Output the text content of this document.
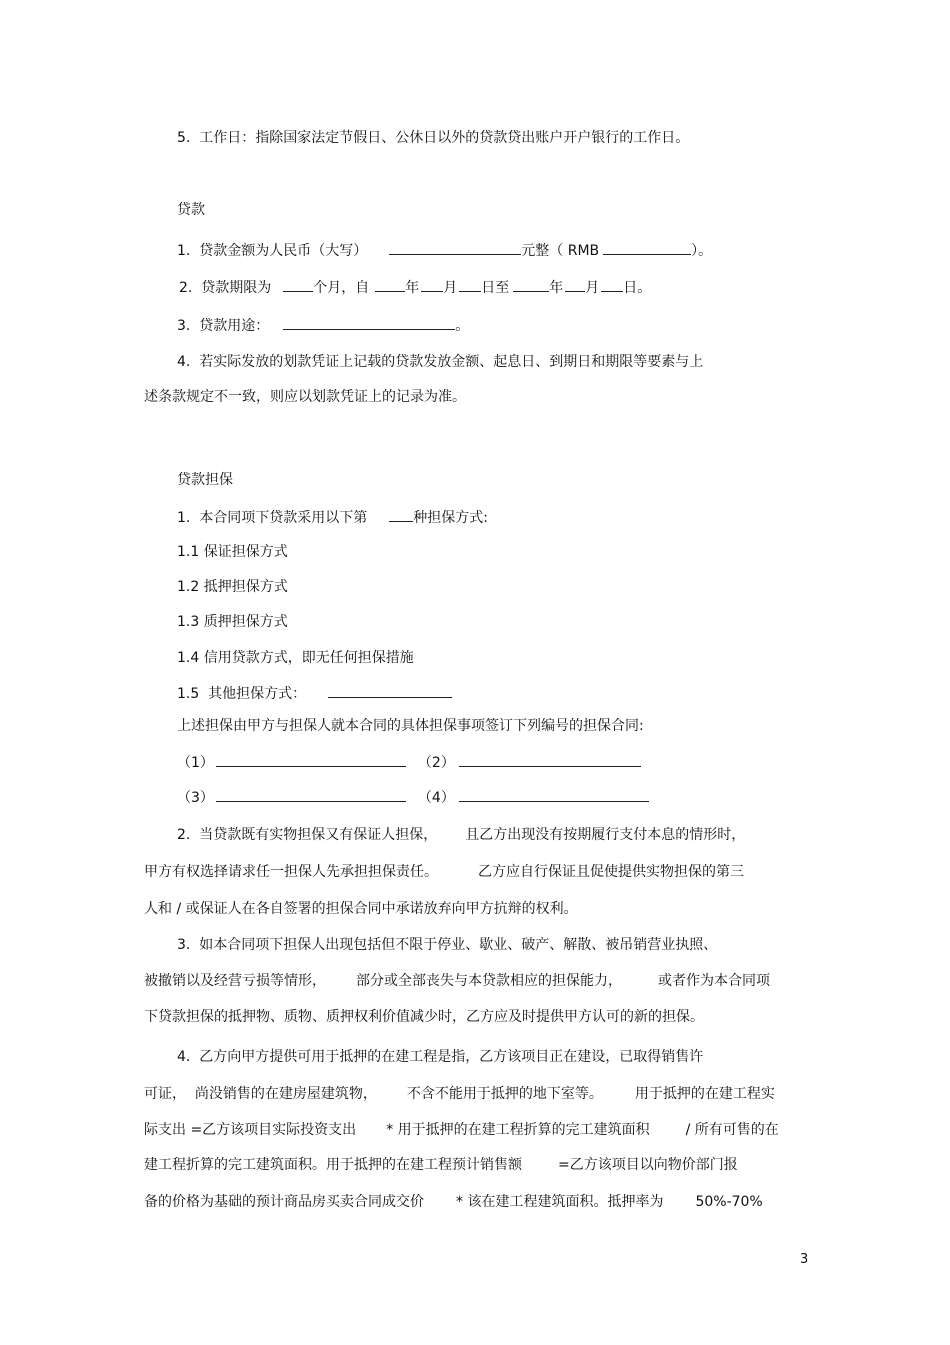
5.  工作日：指除国家法定节假日、公休日以外的贷款贷出账户开户银行的工作日。
贷款
1.  贷款金额为人民币（大写）	元整（ RMB	）。
2.  贷款期限为	个月，自	年 月 日至	年 月 日。
3.  贷款用途：	。
4.  若实际发放的划款凭证上记载的贷款发放金额、起息日、到期日和期限等要素与上
述条款规定不一致，则应以划款凭证上的记录为准。
贷款担保
1.  本合同项下贷款采用以下第	种担保方式:
1.1 保证担保方式
1.2 抵押担保方式
1.3 质押担保方式
1.4 信用贷款方式，即无任何担保措施
1.5  其他担保方式：
上述担保由甲方与担保人就本合同的具体担保事项签订下列编号的担保合同:
（1）	（2）
（3）	（4）
2.  当贷款既有实物担保又有保证人担保， 且乙方出现没有按期履行支付本息的情形时，
甲方有权选择请求任一担保人先承担担保责任。	乙方应自行保证且促使提供实物担保的第三
人和 / 或保证人在各自签署的担保合同中承诺放弃向甲方抗辩的权利。
3.  如本合同项下担保人出现包括但不限于停业、歇业、破产、解散、被吊销营业执照、
被撤销以及经营亏损等情形， 部分或全部丧失与本贷款相应的担保能力，	或者作为本合同项
下贷款担保的抵押物、质物、质押权利价值减少时，乙方应及时提供甲方认可的新的担保。
4.  乙方向甲方提供可用于抵押的在建工程是指，乙方该项目正在建设，已取得销售许
可证，  尚没销售的在建房屋建筑物， 不含不能用于抵押的地下室等。 用于抵押的在建工程实
际支出 =乙方该项目实际投资支出 * 用于抵押的在建工程折算的完工建筑面积	/ 所有可售的在
建工程折算的完工建筑面积。用于抵押的在建工程预计销售额	=乙方该项目以向物价部门报
备的价格为基础的预计商品房买卖合同成交价 * 该在建工程建筑面积。抵押率为 50%-70%
3
